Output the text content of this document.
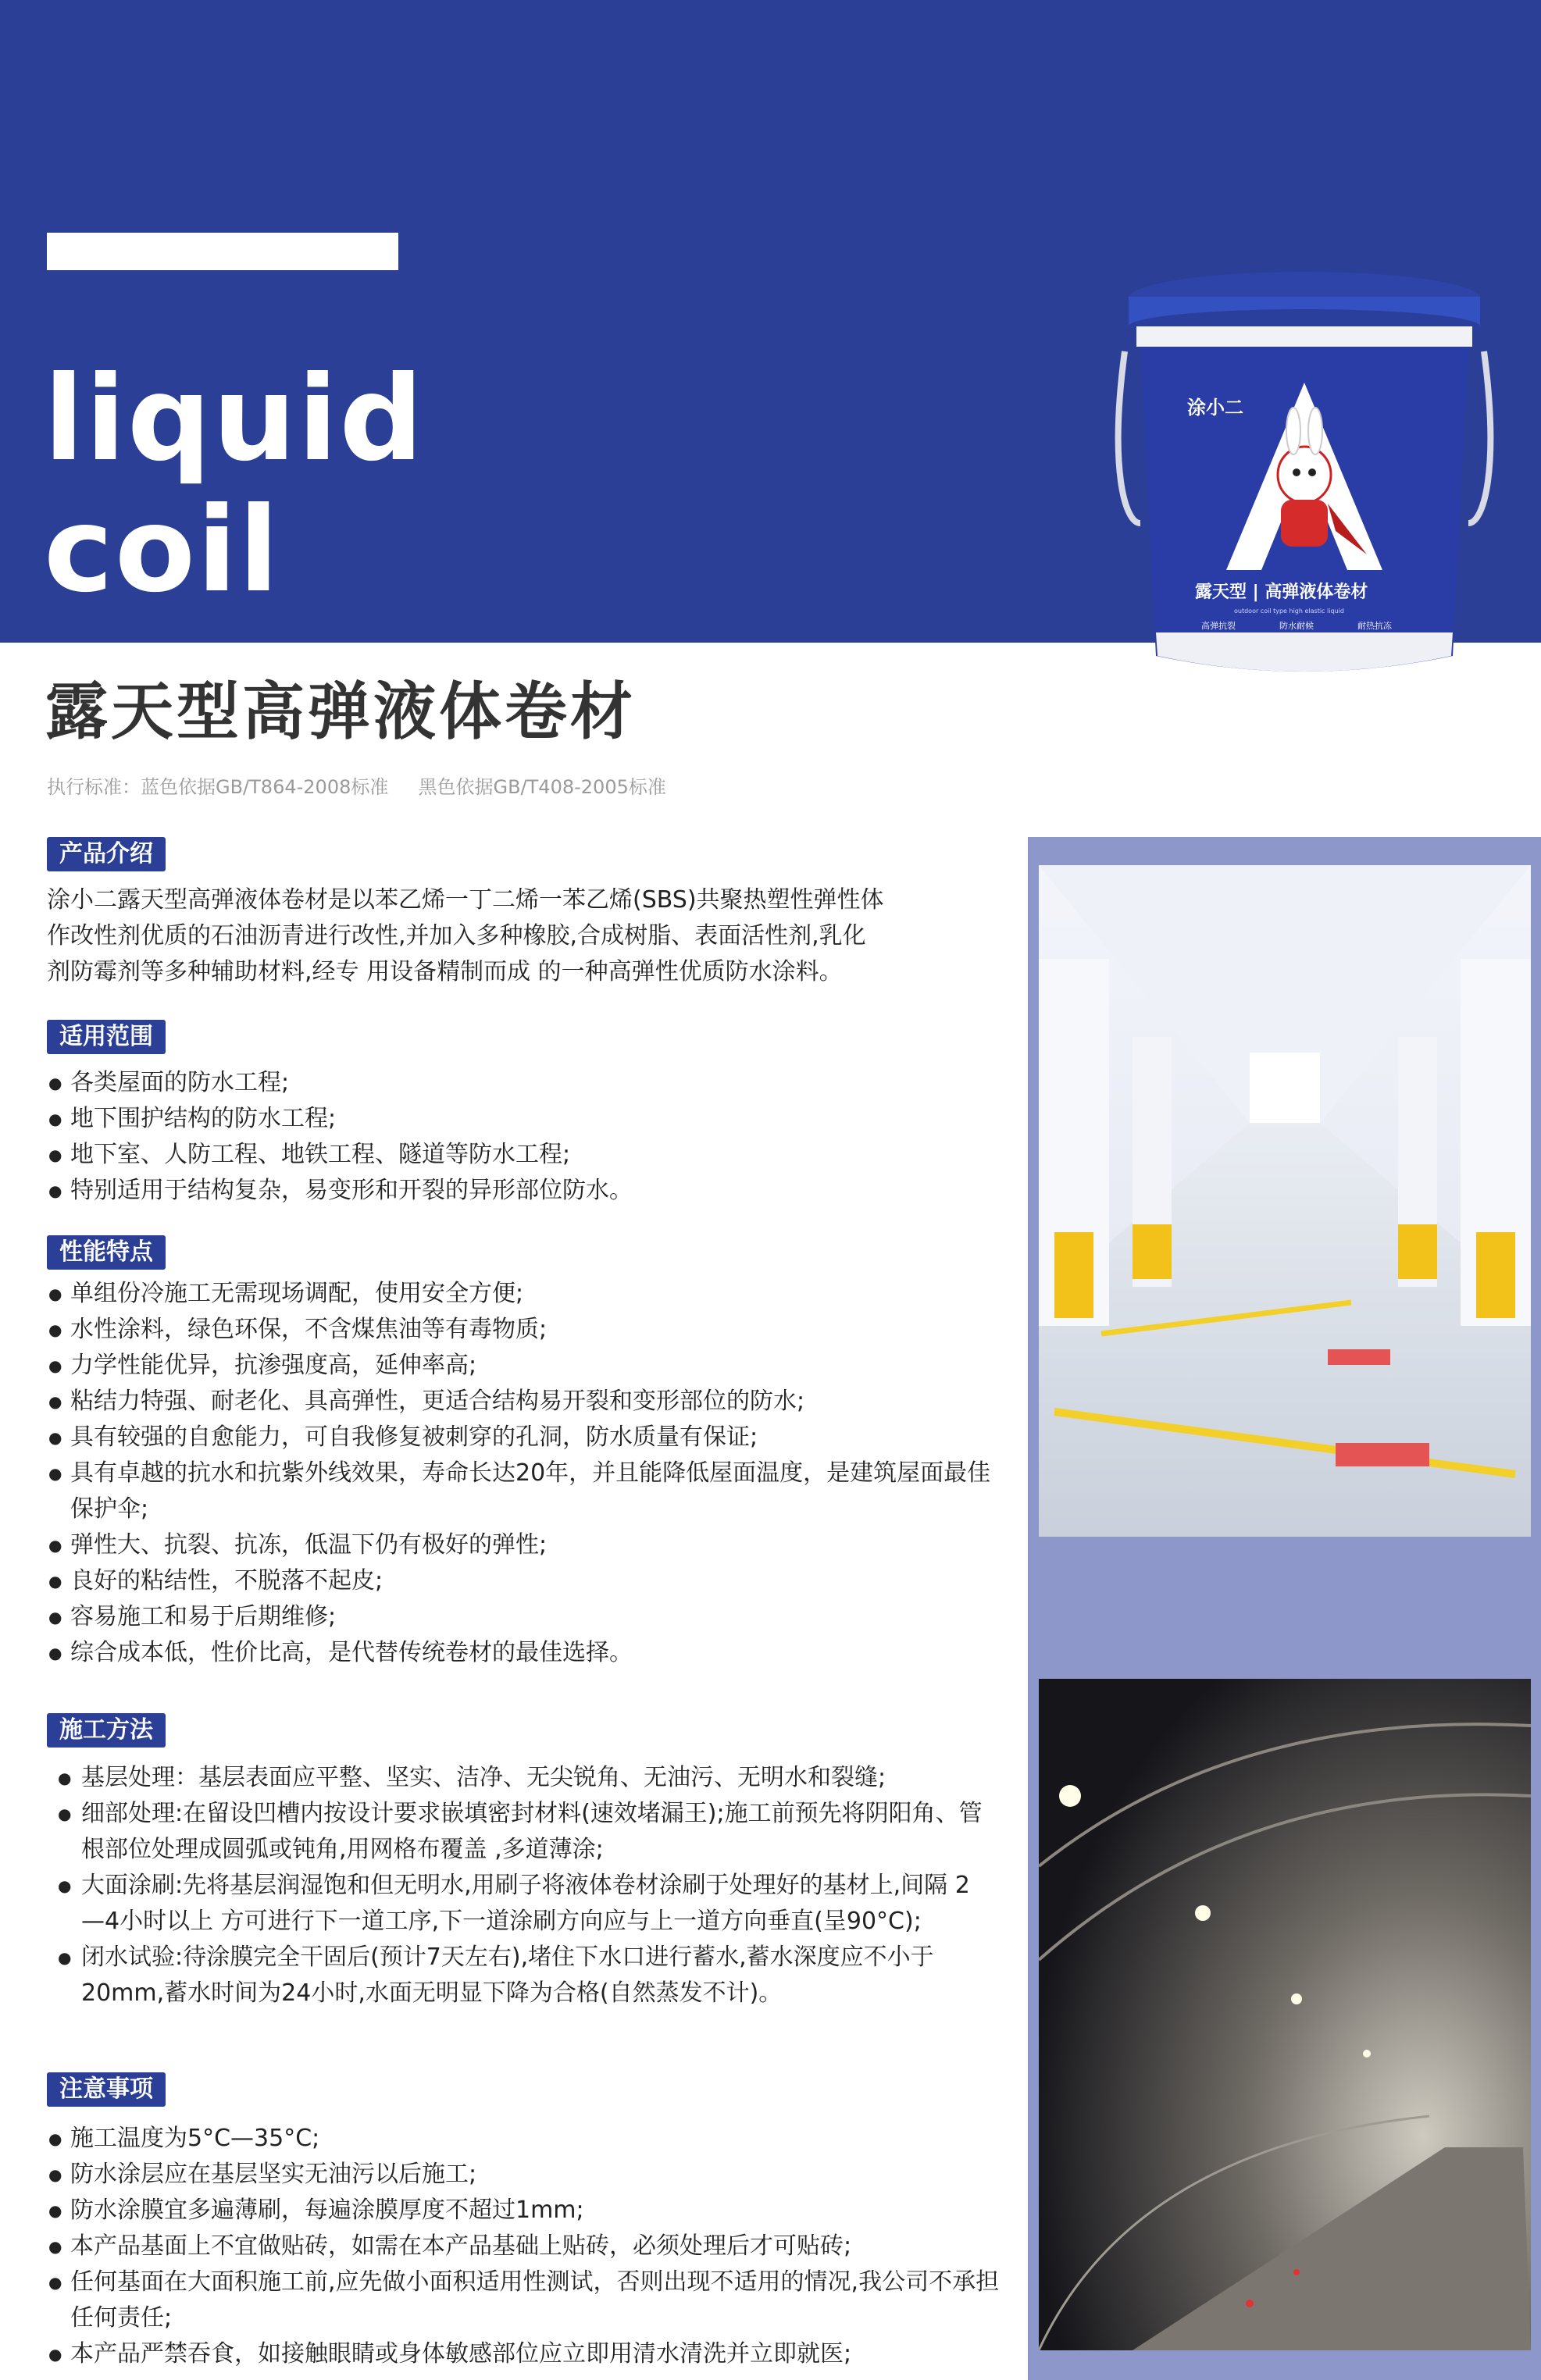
liquid
coil
涂小二
露天型 | 高弹液体卷材
outdoor coil type high elastic liquid
高弹抗裂	防水耐候	耐热抗冻
露天型高弹液体卷材
执行标准：蓝色依据GB/T864-2008标准     黑色依据GB/T408-2005标准
产品介绍
涂小二露天型高弹液体卷材是以苯乙烯一丁二烯一苯乙烯(SBS)共聚热塑性弹性体
作改性剂优质的石油沥青进行改性,并加入多种橡胶,合成树脂、表面活性剂,乳化
剂防霉剂等多种辅助材料,经专 用设备精制而成 的一种高弹性优质防水涂料。
适用范围
● 各类屋面的防水工程;
● 地下围护结构的防水工程;
● 地下室、人防工程、地铁工程、隧道等防水工程;
● 特别适用于结构复杂，易变形和开裂的异形部位防水。
性能特点
● 单组份冷施工无需现场调配，使用安全方便;
● 水性涂料，绿色环保，不含煤焦油等有毒物质;
● 力学性能优异，抗渗强度高，延伸率高;
● 粘结力特强、耐老化、具高弹性，更适合结构易开裂和变形部位的防水;
● 具有较强的自愈能力，可自我修复被刺穿的孔洞，防水质量有保证;
● 具有卓越的抗水和抗紫外线效果，寿命长达20年，并且能降低屋面温度，是建筑屋面最佳保护伞;
● 弹性大、抗裂、抗冻，低温下仍有极好的弹性;
● 良好的粘结性，不脱落不起皮;
● 容易施工和易于后期维修;
● 综合成本低，性价比高，是代替传统卷材的最佳选择。
施工方法
● 基层处理：基层表面应平整、坚实、洁净、无尖锐角、无油污、无明水和裂缝;
● 细部处理:在留设凹槽内按设计要求嵌填密封材料(速效堵漏王);施工前预先将阴阳角、管根部位处理成圆弧或钝角,用网格布覆盖 ,多道薄涂;
● 大面涂刷:先将基层润湿饱和但无明水,用刷子将液体卷材涂刷于处理好的基材上,间隔 2—4小时以上 方可进行下一道工序,下一道涂刷方向应与上一道方向垂直(呈90°C);
● 闭水试验:待涂膜完全干固后(预计7天左右),堵住下水口进行蓄水,蓄水深度应不小于20mm,蓄水时间为24小时,水面无明显下降为合格(自然蒸发不计)。
注意事项
● 施工温度为5°C—35°C;
● 防水涂层应在基层坚实无油污以后施工;
● 防水涂膜宜多遍薄刷，每遍涂膜厚度不超过1mm;
● 本产品基面上不宜做贴砖，如需在本产品基础上贴砖，必须处理后才可贴砖;
● 任何基面在大面积施工前,应先做小面积适用性测试，否则出现不适用的情况,我公司不承担任何责任;
● 本产品严禁吞食，如接触眼睛或身体敏感部位应立即用清水清洗并立即就医;
